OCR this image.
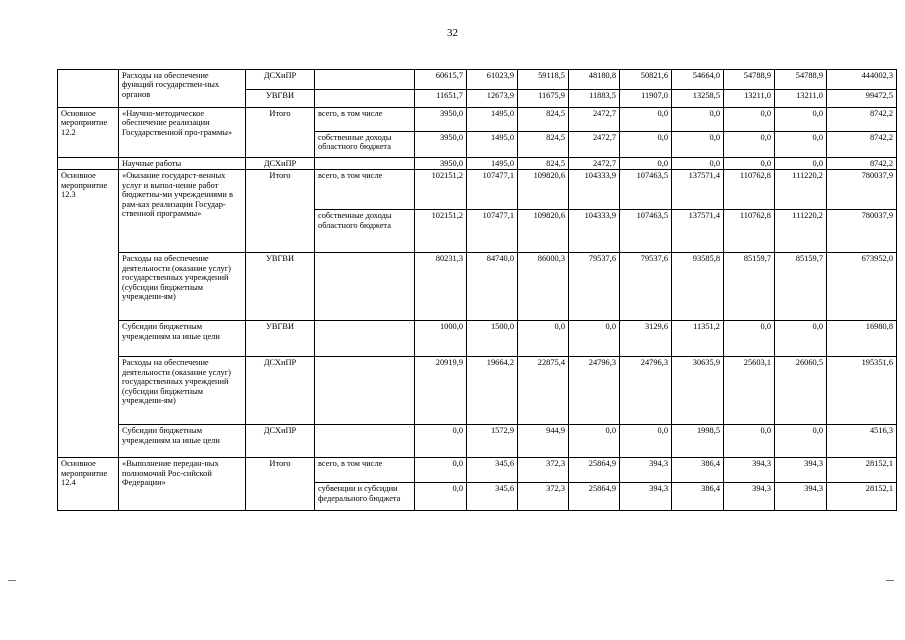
32
	Расходы на обеспечение функций государствен-ных органов	ДСХиПР		60615,7	61023,9	59118,5	48180,8	50821,6	54664,0	54788,9	54788,9	444002,3
		УВГВИ		11651,7	12673,9	11675,9	11883,5	11907,0	13258,5	13211,0	13211,0	99472,5
Основное мероприятие 12.2	«Научно-методическое обеспечение реализации Государственной про-граммы»	Итого	всего, в том числе	3950,0	1495,0	824,5	2472,7	0,0	0,0	0,0	0,0	8742,2
			собственные доходы областного бюджета	3950,0	1495,0	824,5	2472,7	0,0	0,0	0,0	0,0	8742,2
	Научные работы	ДСХиПР		3950,0	1495,0	824,5	2472,7	0,0	0,0	0,0	0,0	8742,2
Основное мероприятие 12.3	«Оказание государст-венных услуг и выпол-нение работ бюджетны-ми учреждениями в рам-ках реализации Государ-ственной программы»	Итого	всего, в том числе	102151,2	107477,1	109820,6	104333,9	107463,5	137571,4	110762,8	111220,2	780037,9
			собственные доходы областного бюджета	102151,2	107477,1	109820,6	104333,9	107463,5	137571,4	110762,8	111220,2	780037,9
	Расходы на обеспечение деятельности (оказание услуг) государственных учреждений (субсидии бюджетным учреждени-ям)	УВГВИ		80231,3	84740,0	86000,3	79537,6	79537,6	93585,8	85159,7	85159,7	673952,0
	Субсидии бюджетным учреждениям на иные цели	УВГВИ		1000,0	1500,0	0,0	0,0	3129,6	11351,2	0,0	0,0	16980,8
	Расходы на обеспечение деятельности (оказание услуг) государственных учреждений (субсидии бюджетным учреждени-ям)	ДСХиПР		20919,9	19664,2	22875,4	24796,3	24796,3	30635,9	25603,1	26060,5	195351,6
	Субсидии бюджетным учреждениям на иные цели	ДСХиПР		0,0	1572,9	944,9	0,0	0,0	1998,5	0,0	0,0	4516,3
Основное мероприятие 12.4	«Выполнение передан-ных полномочий Рос-сийской Федерации»	Итого	всего, в том числе	0,0	345,6	372,3	25864,9	394,3	386,4	394,3	394,3	28152,1
			субвенции и субсидии федерального бюджета	0,0	345,6	372,3	25864,9	394,3	386,4	394,3	394,3	28152,1
